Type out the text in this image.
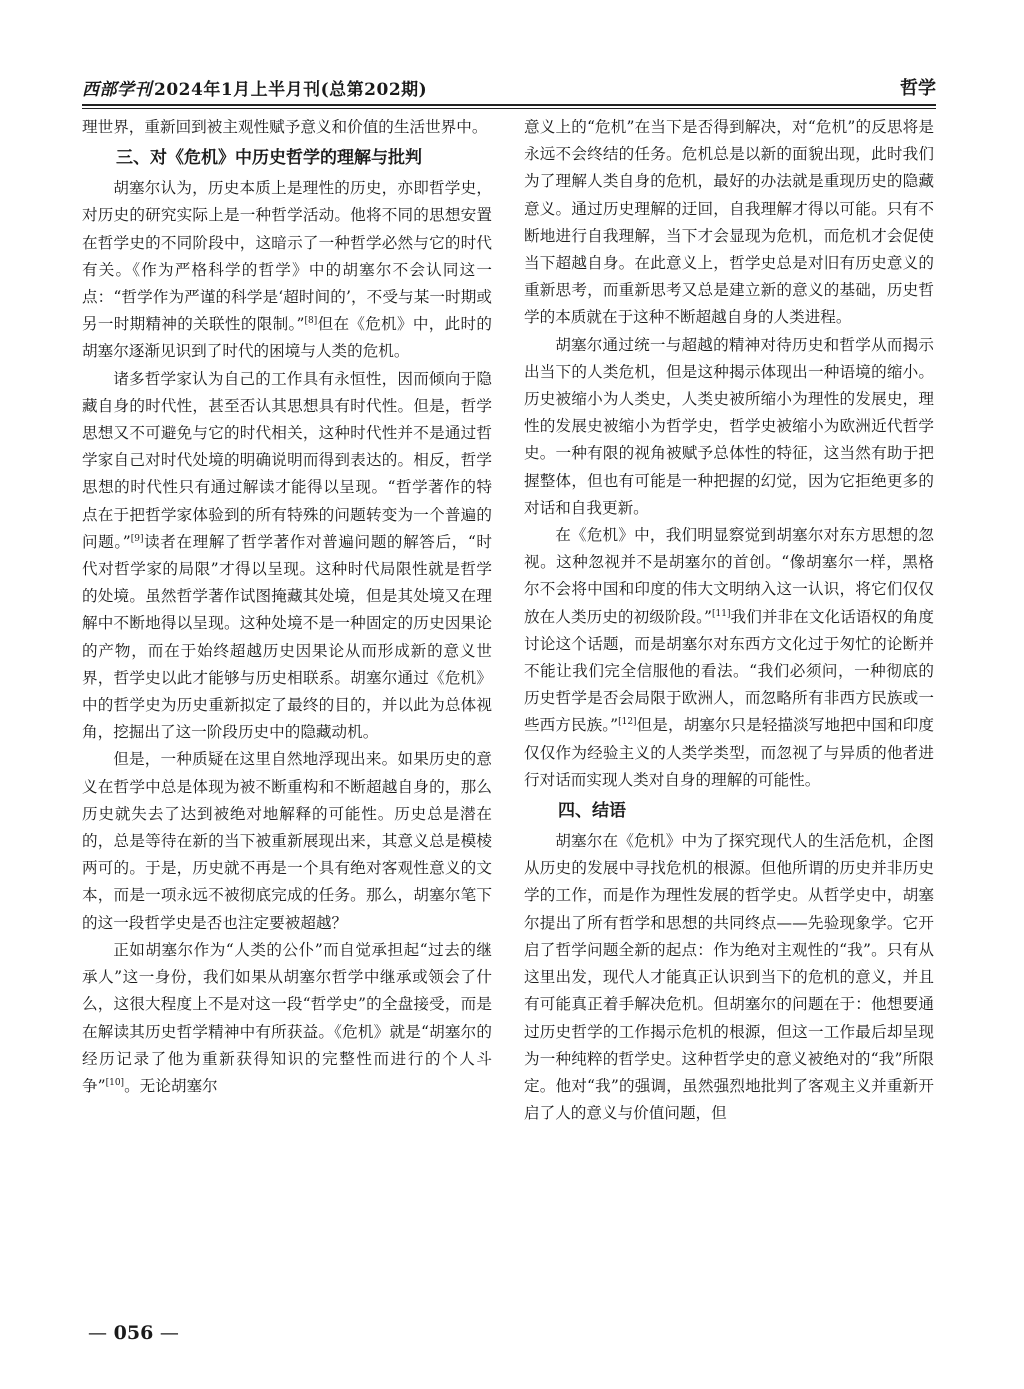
西部学刊 2024年1月上半月刊(总第202期)	哲学

理世界，重新回到被主观性赋予意义和价值的生活世界中。

三、对《危机》中历史哲学的理解与批判

胡塞尔认为，历史本质上是理性的历史，亦即哲学史，对历史的研究实际上是一种哲学活动。他将不同的思想安置在哲学史的不同阶段中，这暗示了一种哲学必然与它的时代有关。《作为严格科学的哲学》中的胡塞尔不会认同这一点：“哲学作为严谨的科学是‘超时间的’，不受与某一时期或另一时期精神的关联性的限制。”[8]但在《危机》中，此时的胡塞尔逐渐见识到了时代的困境与人类的危机。

诸多哲学家认为自己的工作具有永恒性，因而倾向于隐藏自身的时代性，甚至否认其思想具有时代性。但是，哲学思想又不可避免与它的时代相关，这种时代性并不是通过哲学家自己对时代处境的明确说明而得到表达的。相反，哲学思想的时代性只有通过解读才能得以呈现。“哲学著作的特点在于把哲学家体验到的所有特殊的问题转变为一个普遍的问题。”[9]读者在理解了哲学著作对普遍问题的解答后，“时代对哲学家的局限”才得以呈现。这种时代局限性就是哲学的处境。虽然哲学著作试图掩藏其处境，但是其处境又在理解中不断地得以呈现。这种处境不是一种固定的历史因果论的产物，而在于始终超越历史因果论从而形成新的意义世界，哲学史以此才能够与历史相联系。胡塞尔通过《危机》中的哲学史为历史重新拟定了最终的目的，并以此为总体视角，挖掘出了这一阶段历史中的隐藏动机。

但是，一种质疑在这里自然地浮现出来。如果历史的意义在哲学中总是体现为被不断重构和不断超越自身的，那么历史就失去了达到被绝对地解释的可能性。历史总是潜在的，总是等待在新的当下被重新展现出来，其意义总是模棱两可的。于是，历史就不再是一个具有绝对客观性意义的文本，而是一项永远不被彻底完成的任务。那么，胡塞尔笔下的这一段哲学史是否也注定要被超越？

正如胡塞尔作为“人类的公仆”而自觉承担起“过去的继承人”这一身份，我们如果从胡塞尔哲学中继承或领会了什么，这很大程度上不是对这一段“哲学史”的全盘接受，而是在解读其历史哲学精神中有所获益。《危机》就是“胡塞尔的经历记录了他为重新获得知识的完整性而进行的个人斗争”[10]。无论胡塞尔

意义上的“危机”在当下是否得到解决，对“危机”的反思将是永远不会终结的任务。危机总是以新的面貌出现，此时我们为了理解人类自身的危机，最好的办法就是重现历史的隐藏意义。通过历史理解的迂回，自我理解才得以可能。只有不断地进行自我理解，当下才会显现为危机，而危机才会促使当下超越自身。在此意义上，哲学史总是对旧有历史意义的重新思考，而重新思考又总是建立新的意义的基础，历史哲学的本质就在于这种不断超越自身的人类进程。

胡塞尔通过统一与超越的精神对待历史和哲学从而揭示出当下的人类危机，但是这种揭示体现出一种语境的缩小。历史被缩小为人类史，人类史被所缩小为理性的发展史，理性的发展史被缩小为哲学史，哲学史被缩小为欧洲近代哲学史。一种有限的视角被赋予总体性的特征，这当然有助于把握整体，但也有可能是一种把握的幻觉，因为它拒绝更多的对话和自我更新。

在《危机》中，我们明显察觉到胡塞尔对东方思想的忽视。这种忽视并不是胡塞尔的首创。“像胡塞尔一样，黑格尔不会将中国和印度的伟大文明纳入这一认识，将它们仅仅放在人类历史的初级阶段。”[11]我们并非在文化话语权的角度讨论这个话题，而是胡塞尔对东西方文化过于匆忙的论断并不能让我们完全信服他的看法。“我们必须问，一种彻底的历史哲学是否会局限于欧洲人，而忽略所有非西方民族或一些西方民族。”[12]但是，胡塞尔只是轻描淡写地把中国和印度仅仅作为经验主义的人类学类型，而忽视了与异质的他者进行对话而实现人类对自身的理解的可能性。

四、结语

胡塞尔在《危机》中为了探究现代人的生活危机，企图从历史的发展中寻找危机的根源。但他所谓的历史并非历史学的工作，而是作为理性发展的哲学史。从哲学史中，胡塞尔提出了所有哲学和思想的共同终点——先验现象学。它开启了哲学问题全新的起点：作为绝对主观性的“我”。只有从这里出发，现代人才能真正认识到当下的危机的意义，并且有可能真正着手解决危机。但胡塞尔的问题在于：他想要通过历史哲学的工作揭示危机的根源，但这一工作最后却呈现为一种纯粹的哲学史。这种哲学史的意义被绝对的“我”所限定。他对“我”的强调，虽然强烈地批判了客观主义并重新开启了人的意义与价值问题，但

— 056 —
